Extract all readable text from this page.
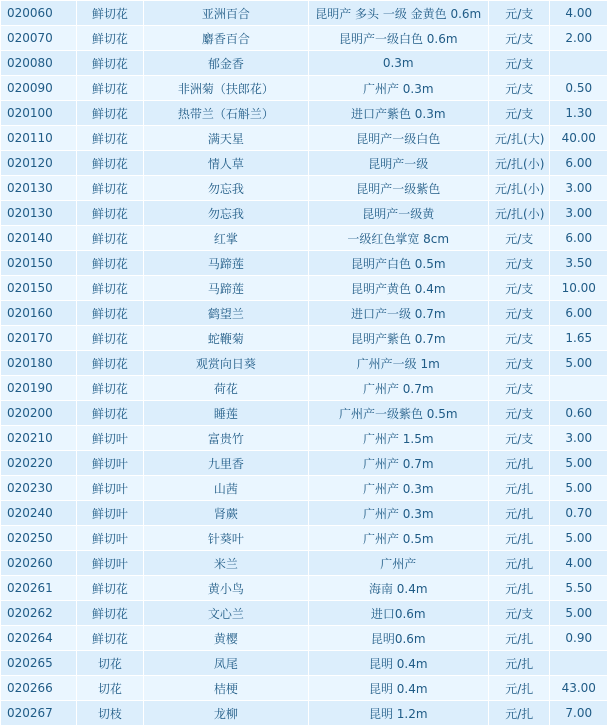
020060	鲜切花	亚洲百合	昆明产 多头 一级 金黄色 0.6m	元/支	4.00
020070	鲜切花	麝香百合	昆明产一级白色 0.6m	元/支	2.00
020080	鲜切花	郁金香	0.3m	元/支	
020090	鲜切花	非洲菊（扶郎花）	广州产 0.3m	元/支	0.50
020100	鲜切花	热带兰（石斛兰）	进口产紫色 0.3m	元/支	1.30
020110	鲜切花	满天星	昆明产一级白色	元/扎(大)	40.00
020120	鲜切花	情人草	昆明产一级	元/扎(小)	6.00
020130	鲜切花	勿忘我	昆明产一级紫色	元/扎(小)	3.00
020130	鲜切花	勿忘我	昆明产一级黄	元/扎(小)	3.00
020140	鲜切花	红掌	一级红色掌宽 8cm	元/支	6.00
020150	鲜切花	马蹄莲	昆明产白色 0.5m	元/支	3.50
020150	鲜切花	马蹄莲	昆明产黄色 0.4m	元/支	10.00
020160	鲜切花	鹤望兰	进口产一级 0.7m	元/支	6.00
020170	鲜切花	蛇鞭菊	昆明产紫色 0.7m	元/支	1.65
020180	鲜切花	观赏向日葵	广州产一级 1m	元/支	5.00
020190	鲜切花	荷花	广州产 0.7m	元/支	
020200	鲜切花	睡莲	广州产一级紫色 0.5m	元/支	0.60
020210	鲜切叶	富贵竹	广州产 1.5m	元/支	3.00
020220	鲜切叶	九里香	广州产 0.7m	元/扎	5.00
020230	鲜切叶	山茜	广州产 0.3m	元/扎	5.00
020240	鲜切叶	肾蕨	广州产 0.3m	元/扎	0.70
020250	鲜切叶	针葵叶	广州产 0.5m	元/扎	5.00
020260	鲜切叶	米兰	广州产	元/扎	4.00
020261	鲜切花	黄小鸟	海南 0.4m	元/扎	5.50
020262	鲜切花	文心兰	进口0.6m	元/支	5.00
020264	鲜切花	黄樱	昆明0.6m	元/扎	0.90
020265	切花	凤尾	昆明 0.4m	元/扎	
020266	切花	桔梗	昆明 0.4m	元/扎	43.00
020267	切枝	龙柳	昆明 1.2m	元/扎	7.00
